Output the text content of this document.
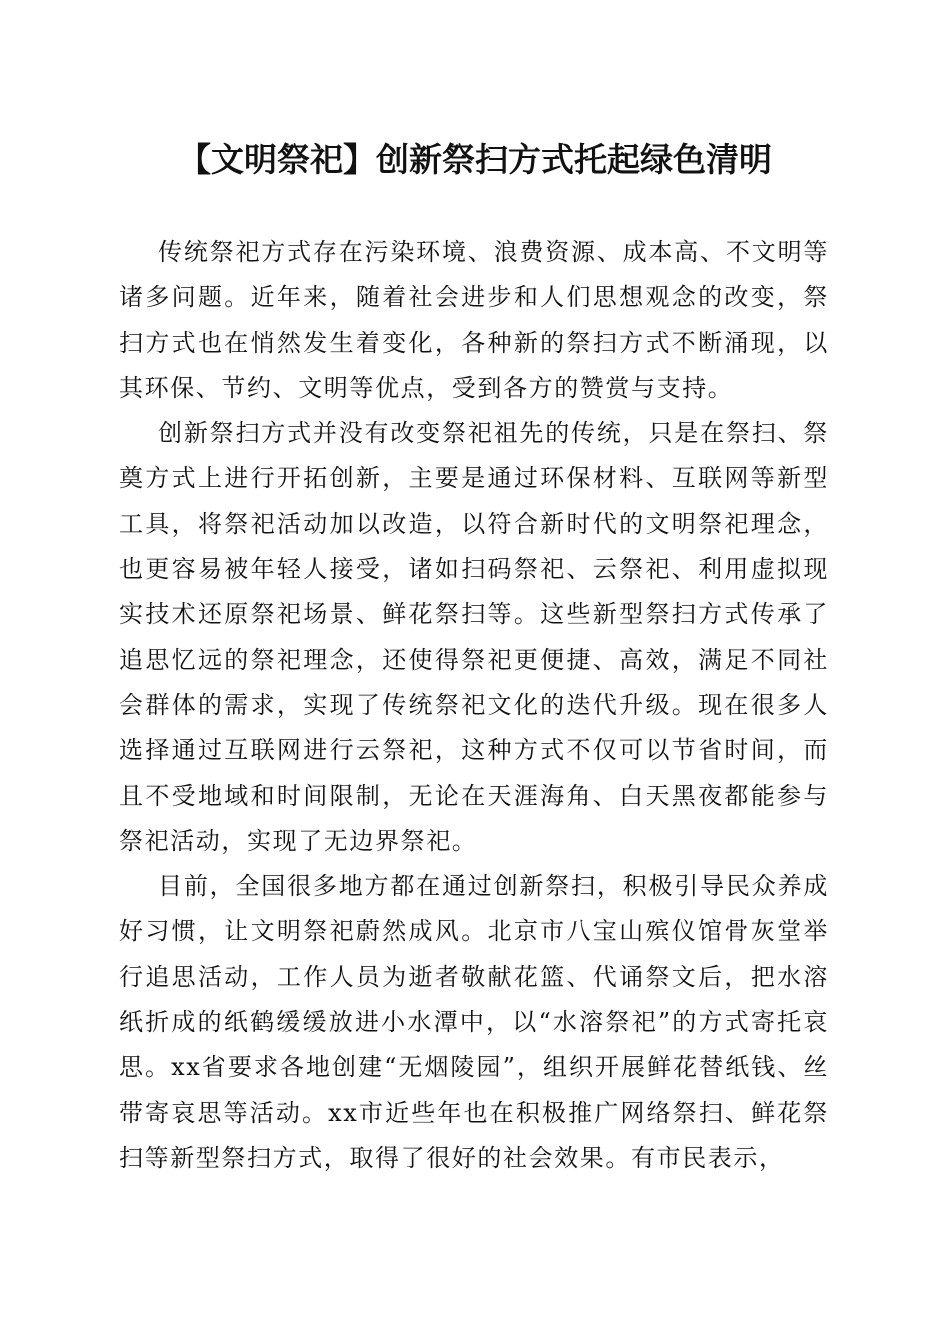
【文明祭祀】创新祭扫方式托起绿色清明

传统祭祀方式存在污染环境、浪费资源、成本高、不文明等诸多问题。近年来，随着社会进步和人们思想观念的改变，祭扫方式也在悄然发生着变化，各种新的祭扫方式不断涌现，以其环保、节约、文明等优点，受到各方的赞赏与支持。

创新祭扫方式并没有改变祭祀祖先的传统，只是在祭扫、祭奠方式上进行开拓创新，主要是通过环保材料、互联网等新型工具，将祭祀活动加以改造，以符合新时代的文明祭祀理念，也更容易被年轻人接受，诸如扫码祭祀、云祭祀、利用虚拟现实技术还原祭祀场景、鲜花祭扫等。这些新型祭扫方式传承了追思忆远的祭祀理念，还使得祭祀更便捷、高效，满足不同社会群体的需求，实现了传统祭祀文化的迭代升级。现在很多人选择通过互联网进行云祭祀，这种方式不仅可以节省时间，而且不受地域和时间限制，无论在天涯海角、白天黑夜都能参与祭祀活动，实现了无边界祭祀。

目前，全国很多地方都在通过创新祭扫，积极引导民众养成好习惯，让文明祭祀蔚然成风。北京市八宝山殡仪馆骨灰堂举行追思活动，工作人员为逝者敬献花篮、代诵祭文后，把水溶纸折成的纸鹤缓缓放进小水潭中，以“水溶祭祀”的方式寄托哀思。xx省要求各地创建“无烟陵园”，组织开展鲜花替纸钱、丝带寄哀思等活动。xx市近些年也在积极推广网络祭扫、鲜花祭扫等新型祭扫方式，取得了很好的社会效果。有市民表示，
